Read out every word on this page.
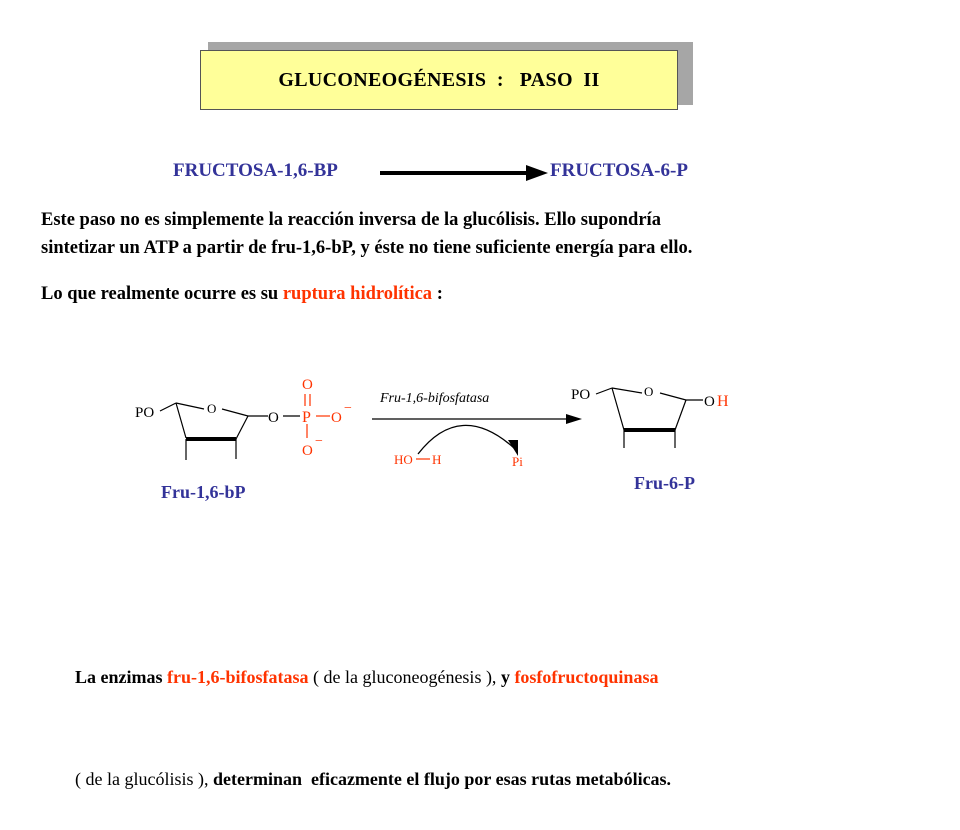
GLUCONEOGÉNESIS  :   PASO  II
FRUCTOSA-1,6-BP	FRUCTOSA-6-P
Este paso no es simplemente la reacción inversa de la glucólisis. Ello supondría
sintetizar un ATP a partir de fru-1,6-bP, y éste no tiene suficiente energía para ello.
Lo que realmente ocurre es su ruptura hidrolítica :
PO	O
O P
O
O
−
O
−
Fru-1,6-bifosfatasa
HO H	Pi
PO	O
O H
Fru-1,6-bP	Fru-6-P

La enzimas fru-1,6-bifosfatasa ( de la gluconeogénesis ), y fosfofructoquinasa

( de la glucólisis ), determinan  eficazmente el flujo por esas rutas metabólicas.
